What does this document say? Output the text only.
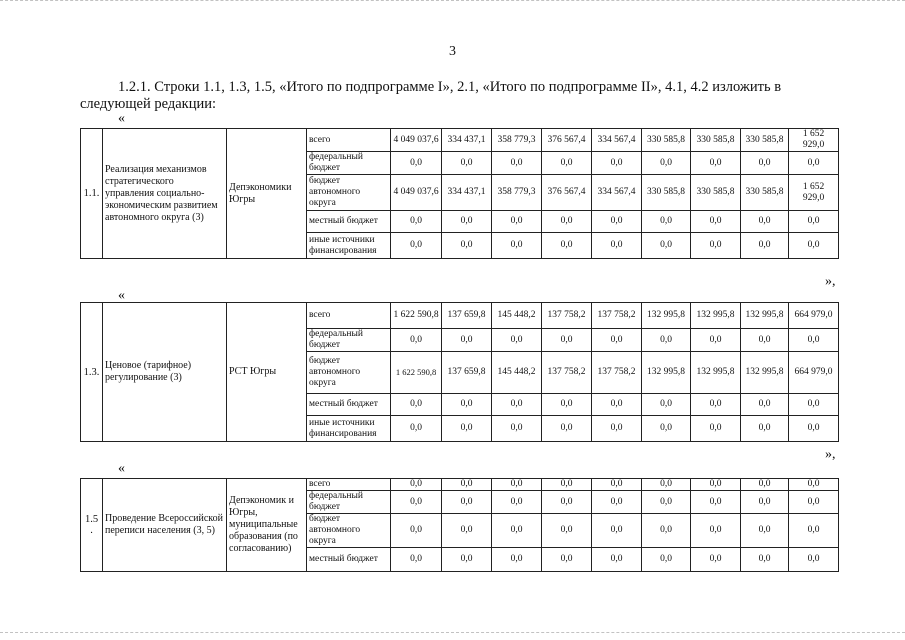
3
1.2.1. Строки 1.1, 1.3, 1.5, «Итого по подпрограмме I», 2.1, «Итого по подпрограмме II», 4.1, 4.2 изложить в
следующей редакции:
«
1.1.	Реализация механизмов стратегического управления социально-экономическим развитием автономного округа (3)	Депэкономики Югры	всего	4 049 037,6	334 437,1	358 779,3	376 567,4	334 567,4	330 585,8	330 585,8	330 585,8	1 652 929,0
			федеральный бюджет	0,0	0,0	0,0	0,0	0,0	0,0	0,0	0,0	0,0
			бюджет автономного округа	4 049 037,6	334 437,1	358 779,3	376 567,4	334 567,4	330 585,8	330 585,8	330 585,8	1 652 929,0
			местный бюджет	0,0	0,0	0,0	0,0	0,0	0,0	0,0	0,0	0,0
			иные источники финансирования	0,0	0,0	0,0	0,0	0,0	0,0	0,0	0,0	0,0
»,
«
1.3.	Ценовое (тарифное) регулирование (3)	РСТ Югры	всего	1 622 590,8	137 659,8	145 448,2	137 758,2	137 758,2	132 995,8	132 995,8	132 995,8	664 979,0
			федеральный бюджет	0,0	0,0	0,0	0,0	0,0	0,0	0,0	0,0	0,0
			бюджет автономного округа	1 622 590,8	137 659,8	145 448,2	137 758,2	137 758,2	132 995,8	132 995,8	132 995,8	664 979,0
			местный бюджет	0,0	0,0	0,0	0,0	0,0	0,0	0,0	0,0	0,0
			иные источники финансирования	0,0	0,0	0,0	0,0	0,0	0,0	0,0	0,0	0,0
»,
«
1.5 .	Проведение Всероссийской переписи населения (3, 5)	Депэкономик и Югры, муниципальные образования (по согласованию)	всего	0,0	0,0	0,0	0,0	0,0	0,0	0,0	0,0	0,0
			федеральный бюджет	0,0	0,0	0,0	0,0	0,0	0,0	0,0	0,0	0,0
			бюджет автономного округа	0,0	0,0	0,0	0,0	0,0	0,0	0,0	0,0	0,0
			местный бюджет	0,0	0,0	0,0	0,0	0,0	0,0	0,0	0,0	0,0
